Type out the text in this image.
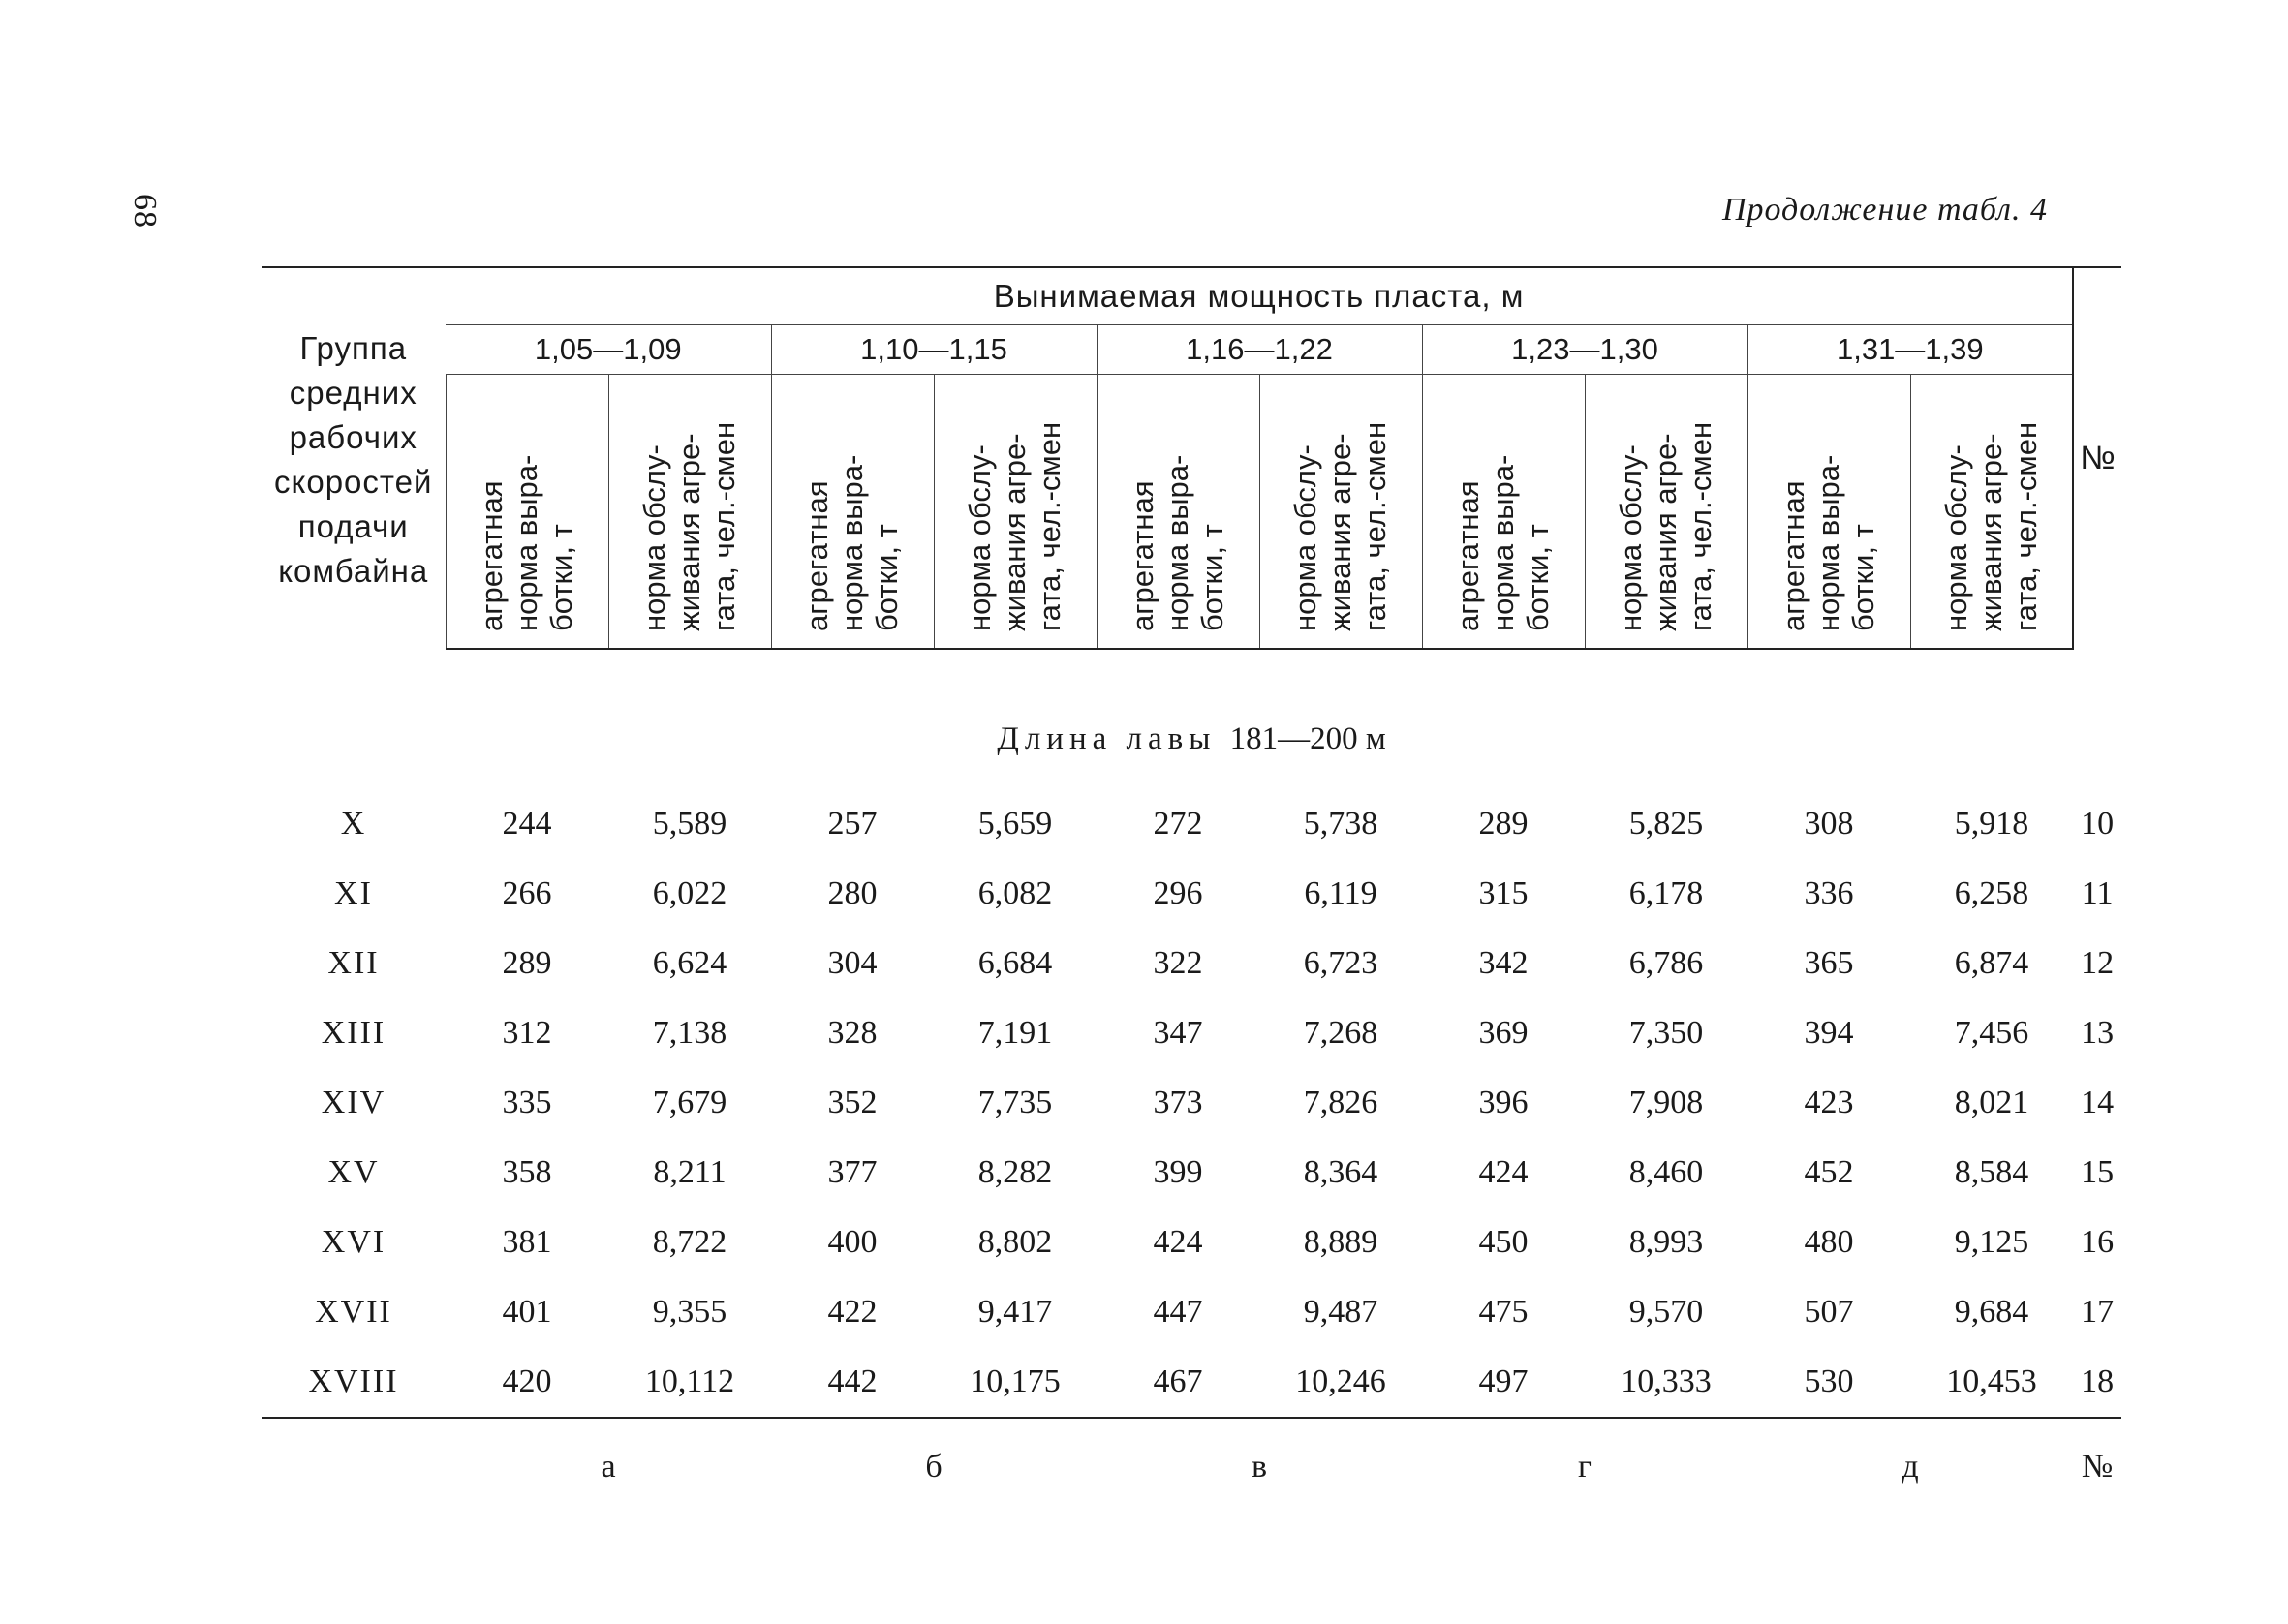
68	Продолжение табл. 4
Группа средних рабочих скоростей подачи комбайна	Вынимаемая мощность пласта, м										№
	1,05—1,09		1,10—1,15		1,16—1,22		1,23—1,30		1,31—1,39		
	агрегатная норма выра-ботки, т	норма обслу-живания агре-гата, чел.-смен	агрегатная норма выра-ботки, т	норма обслу-живания агре-гата, чел.-смен	агрегатная норма выра-ботки, т	норма обслу-живания агре-гата, чел.-смен	агрегатная норма выра-ботки, т	норма обслу-живания агре-гата, чел.-смен	агрегатная норма выра-ботки, т	норма обслу-живания агре-гата, чел.-смен	
Длина лавы 181—200 м											
X	244	5,589	257	5,659	272	5,738	289	5,825	308	5,918	10
XI	266	6,022	280	6,082	296	6,119	315	6,178	336	6,258	11
XII	289	6,624	304	6,684	322	6,723	342	6,786	365	6,874	12
XIII	312	7,138	328	7,191	347	7,268	369	7,350	394	7,456	13
XIV	335	7,679	352	7,735	373	7,826	396	7,908	423	8,021	14
XV	358	8,211	377	8,282	399	8,364	424	8,460	452	8,584	15
XVI	381	8,722	400	8,802	424	8,889	450	8,993	480	9,125	16
XVII	401	9,355	422	9,417	447	9,487	475	9,570	507	9,684	17
XVIII	420	10,112	442	10,175	467	10,246	497	10,333	530	10,453	18
	а		б		в		г		д		№
